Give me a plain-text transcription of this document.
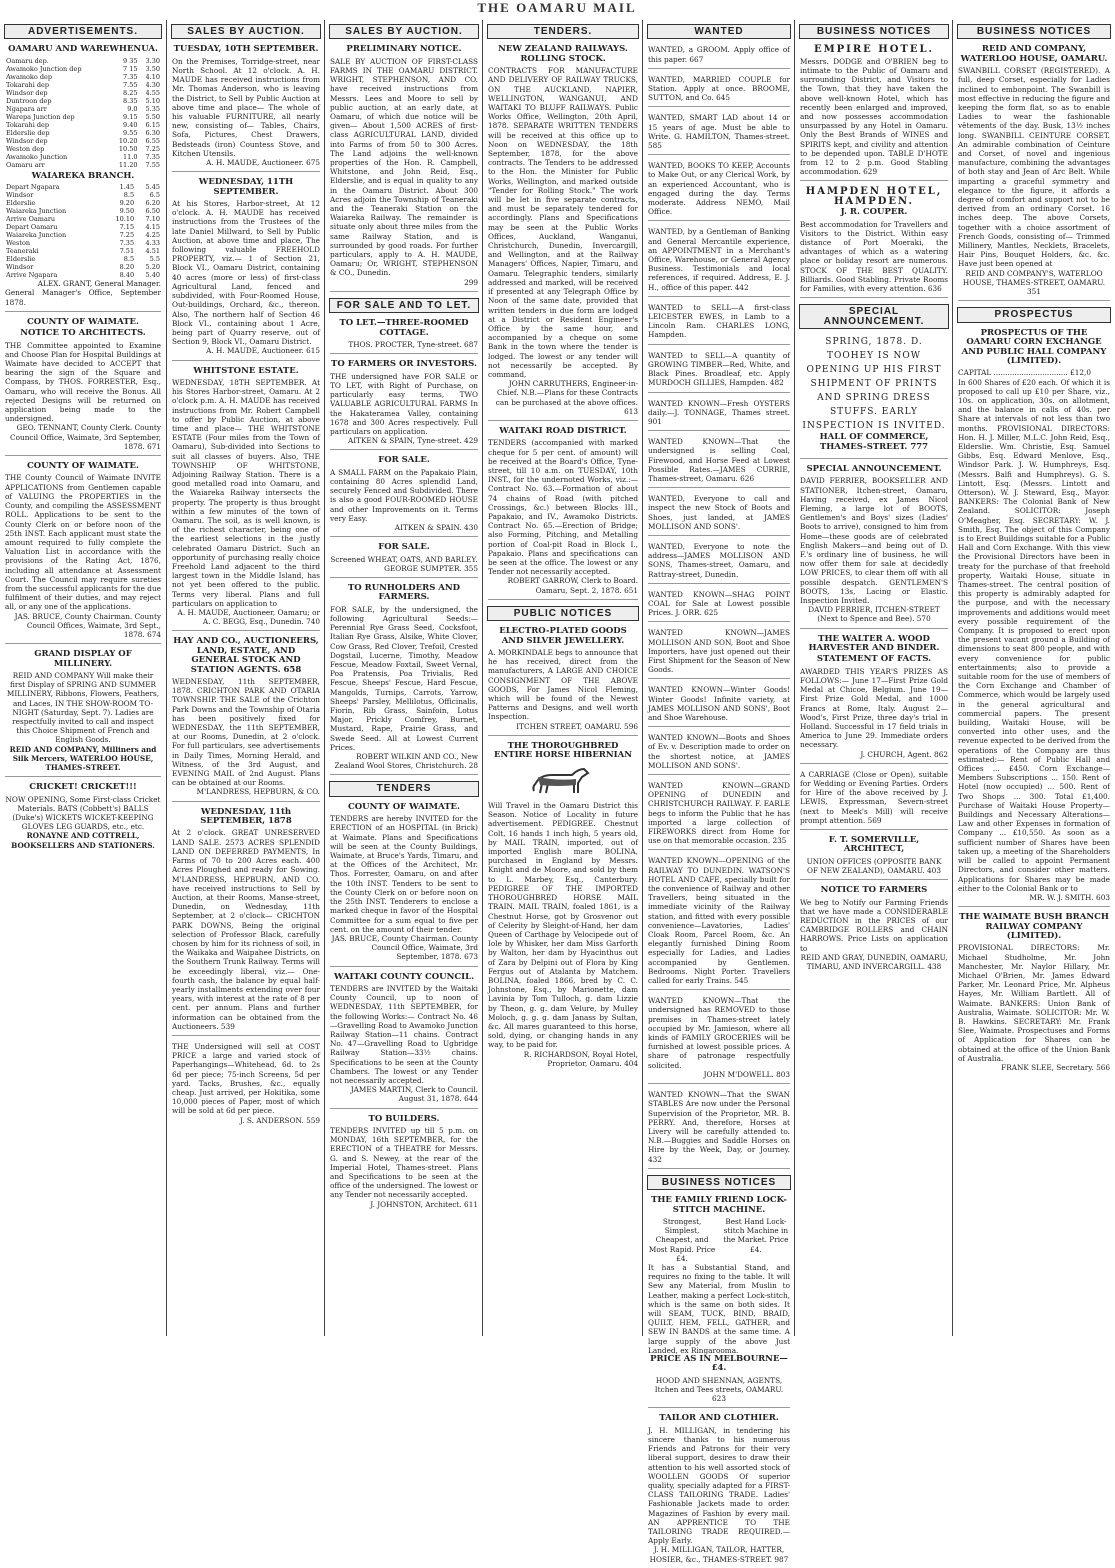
THE OAMARU MAIL
ADVERTISEMENTS.
OAMARU AND WAREWHENUA.
Oamaru dep.	9 35	3.30
Awamoko Junction dep	7 15	3.50
Awamoko dep	7.35	4.10
Tokarahi dep	7.55	4.30
Windsor dep	8.25	4.55
Duntroon dep	8.35	5.10
Ngapara arr	9.0	5.35
Warepa Junction dep	9.15	5.50
Tokarahi dep	9.40	6.15
Elderslie dep	9.55	6.30
Windsor dep	10.20	6.55
Weston dep	10.50	7.25
Awamoko Junction	11.0	7.35
Oamaru arr	11.20	7.55
WAIAREKA BRANCH.
Depart Ngapara	1.45	5.45
Windsor	8.5	6.5
Elderslie	9.20	6.20
Waiareka Junction	9.50	6.50
Arrive Oamaru	10.10	7.10
Depart Oamaru	7.15	4.15
Waiareka Junction	7.25	4.25
Weston	7.35	4.33
Teaneraki	7.51	4.51
Elderslie	8.5	5.5
Windsor	8.20	5.20
Arrive Ngapara	8.40	5.40
ALEX. GRANT, General Manager.
General Manager's Office, September 1878.
COUNTY OF WAIMATE.
NOTICE TO ARCHITECTS.
THE Committee appointed to Examine and Choose Plan for Hospital Buildings at Waimate have decided to ACCEPT that bearing the sign of the Square and Compass, by THOS. FORRESTER, Esq., Oamaru, who will receive the Bonus. All rejected Designs will be returned on application being made to the undersigned.
GEO. TENNANT, County Clerk. County Council Office, Waimate, 3rd September, 1878. 671
COUNTY OF WAIMATE.
THE County Council of Waimate INVITE APPLICATIONS from Gentlemen capable of VALUING the PROPERTIES in the County, and compiling the ASSESSMENT ROLL. Applications to be sent to the County Clerk on or before noon of the 25th INST. Each applicant must state the amount required to fully complete the Valuation List in accordance with the provisions of the Rating Act, 1876, including all attendance at Assessment Court. The Council may require sureties from the successful applicants for the due fulfilment of their duties, and may reject all, or any one of the applications.
JAS. BRUCE, County Chairman. County Council Offices, Waimate, 3rd Sept., 1878. 674
GRAND DISPLAY OF MILLINERY.
REID AND COMPANY Will make their first Display of SPRING AND SUMMER MILLINERY, Ribbons, Flowers, Feathers, and Laces, IN THE SHOW-ROOM TO-NIGHT (Saturday, Sept. 7). Ladies are respectfully invited to call and inspect this Choice Shipment of French and English Goods.
REID AND COMPANY, Milliners and Silk Mercers, WATERLOO HOUSE, THAMES-STREET.
CRICKET! CRICKET!!!
NOW OPENING, Some First-class Cricket Materials. BATS (Cobbett's) BALLS (Duke's) WICKETS WICKET-KEEPING GLOVES LEG GUARDS, etc., etc.
RONAYNE AND COTTRELL, BOOKSELLERS AND STATIONERS.
SALES BY AUCTION.
TUESDAY, 10TH SEPTEMBER.
On the Premises, Torridge-street, near North School. At 12 o'clock. A. H. MAUDE has received instructions from Mr. Thomas Anderson, who is leaving the District, to Sell by Public Auction at above time and place— The whole of his valuable FURNITURE, all nearly new, consisting of— Tables, Chairs, Sofa, Pictures, Chest Drawers, Bedsteads (iron) Countess Stove, and Kitchen Utensils.
A. H. MAUDE, Auctioneer. 675
WEDNESDAY, 11TH SEPTEMBER.
At his Stores, Harbor-street, At 12 o'clock. A. H. MAUDE has received instructions from the Trustees of the late Daniel Millward, to Sell by Public Auction, at above time and place, The following valuable FREEHOLD PROPERTY, viz.— 1 of Section 21, Block VI., Oamaru District, containing 40 acres (more or less) of first-class Agricultural Land, fenced and subdivided, with Four-Roomed House, Out-buildings, Orchard, &c., thereon. Also, The northern half of Section 46 Block VI., containing about 1 Acre, being part of Quarry reserve, out of Section 9, Block VI., Oamaru District.
A. H. MAUDE, Auctioneer. 615
WHITSTONE ESTATE.
WEDNESDAY, 18TH SEPTEMBER. At his Stores Harbor-street, Oamaru. At 2 o'clock p.m. A. H. MAUDE has received instructions from Mr. Robert Campbell to offer by Public Auction, at above time and place— THE WHITSTONE ESTATE (Four miles from the Town of Oamaru), Sub-divided into Sections to suit all classes of buyers. Also, THE TOWNSHIP OF WHITSTONE, Adjoining Railway Station. There is a good metalled road into Oamaru, and the Waiareka Railway intersects the property. The property is thus brought within a few minutes of the town of Oamaru. The soil, as is well known, is of the richest character, being one of the earliest selections in the justly celebrated Oamaru District. Such an opportunity of purchasing really choice Freehold Land adjacent to the third largest town in the Middle Island, has not yet been offered to the public. Terms very liberal. Plans and full particulars on application to
A. H. MAUDE, Auctioneer, Oamaru; or A. C. BEGG, Esq., Dunedin. 740
HAY AND CO., AUCTIONEERS, LAND, ESTATE, AND GENERAL STOCK AND STATION AGENTS. 658
WEDNESDAY, 11th SEPTEMBER, 1878. CRICHTON PARK AND OTARIA TOWNSHIP. THE SALE of the Crichton Park Downs and the Township of Otaria has been positively fixed for WEDNESDAY, the 11th SEPTEMBER, at our Rooms, Dunedin, at 2 o'clock. For full particulars, see advertisements in Daily Times, Morning Herald, and Witness, of the 3rd August, and EVENING MAIL of 2nd August. Plans can be obtained at our Rooms.
M'LANDRESS, HEPBURN, & CO.
WEDNESDAY, 11th SEPTEMBER, 1878
At 2 o'clock. GREAT UNRESERVED LAND SALE. 2573 ACRES SPLENDID LAND ON DEFERRED PAYMENTS, In Farms of 70 to 200 Acres each. 400 Acres Ploughed and ready for Sowing. M'LANDRESS, HEPBURN, AND CO. have received instructions to Sell by Auction, at their Rooms, Manse-street, Dunedin, on Wednesday, 11th September, at 2 o'clock— CRICHTON PARK DOWNS, Being the original selection of Professor Black, carefully chosen by him for its richness of soil, in the Waikaka and Waipahee Districts, on the Southern Trunk Railway. Terms will be exceedingly liberal, viz.— One-fourth cash, the balance by equal half-yearly installments extending over four years, with interest at the rate of 8 per cent. per annum. Plans and further information can be obtained from the Auctioneers. 539
THE Undersigned will sell at COST PRICE a large and varied stock of Paperhangings—Whitehead, 6d. to 2s 6d per piece; 75-inch Screens, 5d per yard. Tacks, Brushes, &c., equally cheap. Just arrived, per Hokitika, some 10,000 pieces of Paper, most of which will be sold at 6d per piece.
J. S. ANDERSON. 559
SALES BY AUCTION.
PRELIMINARY NOTICE.
SALE BY AUCTION OF FIRST-CLASS FARMS IN THE OAMARU DISTRICT. WRIGHT, STEPHENSON, AND CO. have received instructions from Messrs. Lees and Moore to sell by public auction, at an early date, at Oamaru, of which due notice will be given— About 1,500 ACRES of first-class AGRICULTURAL LAND, divided into Farms of from 50 to 300 Acres. The Land adjoins the well-known properties of the Hon. R. Campbell, Whitstone, and John Reid, Esq., Elderslie, and is equal in quality to any in the Oamaru District. About 300 Acres adjoin the Township of Teaneraki and the Teaneraki Station on the Waiareka Railway. The remainder is situate only about three miles from the same Railway Station, and is surrounded by good roads. For further particulars, apply to A. H. MAUDE, Oamaru; Or, WRIGHT, STEPHENSON & CO., Dunedin.
299
FOR SALE AND TO LET.
TO LET.—THREE-ROOMED COTTAGE.
THOS. PROCTER, Tyne-street. 687
TO FARMERS OR INVESTORS.
THE undersigned have FOR SALE or TO LET, with Right of Purchase, on particularly easy terms, TWO VALUABLE AGRICULTURAL FARMS In the Hakateramea Valley, containing 1678 and 300 Acres respectively. Full particulars on application.
AITKEN & SPAIN, Tyne-street. 429
FOR SALE.
A SMALL FARM on the Papakaio Plain, containing 80 Acres splendid Land, securely Fenced and Subdivided. There is also a good FOUR-ROOMED HOUSE and other Improvements on it. Terms very Easy.
AITKEN & SPAIN. 430
FOR SALE.
Screened WHEAT, OATS, AND BARLEY.
GEORGE SUMPTER. 355
TO RUNHOLDERS AND FARMERS.
FOR SALE, by the undersigned, the following Agricultural Seeds:— Perennial Rye Grass Seed, Cocksfoot, Italian Rye Grass, Alsike, White Clover, Cow Grass, Red Clover, Trefoil, Crested Dogstail, Lucerne, Timothy, Meadow Fescue, Meadow Foxtail, Sweet Vernal, Poa Pratensis, Poa Trivialis, Red Fescue, Sheeps' Fescue, Hard Fescue, Mangolds, Turnips, Carrots, Yarrow, Sheeps' Parsley, Mellilotus, Officinalis, Fiorin, Rib Grass, Sainfoin, Lotus Major, Prickly Comfrey, Burnet, Mustard, Rape, Prairie Grass, and Swede Seed. All at Lowest Current Prices.
ROBERT WILKIN AND CO., New Zealand Wool Stores, Christchurch. 28
TENDERS
COUNTY OF WAIMATE.
TENDERS are hereby INVITED for the ERECTION of an HOSPITAL (in Brick) at Waimate. Plans and Specifications will be seen at the County Buildings, Waimate, at Bruce's Yards, Timaru, and at the Offices of the Architect, Mr. Thos. Forrester, Oamaru, on and after the 10th INST. Tenders to be sent to the County Clerk on or before noon on the 25th INST. Tenderers to enclose a marked cheque in favor of the Hospital Committee for a sum equal to five per cent. on the amount of their tender.
JAS. BRUCE, County Chairman. County Council Office, Waimate, 3rd September, 1878. 673
WAITAKI COUNTY COUNCIL.
TENDERS are INVITED by the Waitaki County Council, up to noon of WEDNESDAY, 11th SEPTEMBER, for the following Works:— Contract No. 46—Gravelling Road to Awamoko Junction Railway Station—11 chains. Contract No. 47—Gravelling Road to Ugbridge Railway Station—33½ chains. Specifications to be seen at the County Chambers. The lowest or any Tender not necessarily accepted.
JAMES MARTIN, Clerk to Council. August 31, 1878. 644
TO BUILDERS.
TENDERS INVITED up till 5 p.m. on MONDAY, 16th SEPTEMBER, for the ERECTION of a THEATRE for Messrs. G. and S. Newey, at the rear of the Imperial Hotel, Thames-street. Plans and Specifications to be seen at the office of the undersigned. The lowest or any Tender not necessarily accepted.
J. JOHNSTON, Architect. 611
TENDERS.
NEW ZEALAND RAILWAYS. ROLLING STOCK.
CONTRACTS FOR MANUFACTURE AND DELIVERY OF RAILWAY TRUCKS, ON THE AUCKLAND, NAPIER, WELLINGTON, WANGANUI, AND WAITAKI TO BLUFF RAILWAYS. Public Works Office, Wellington, 20th April, 1878. SEPARATE WRITTEN TENDERS will be received at this office up to Noon on WEDNESDAY, the 18th September, 1878, for the above contracts. The Tenders to be addressed to the Hon. the Minister for Public Works, Wellington, and marked outside "Tender for Rolling Stock." The work will be let in five separate contracts, and must be separately tendered for accordingly. Plans and Specifications may be seen at the Public Works Offices, Auckland, Wanganui, Christchurch, Dunedin, Invercargill, and Wellington, and at the Railway Managers' Offices, Napier, Timaru, and Oamaru. Telegraphic tenders, similarly addressed and marked, will be received if presented at any Telegraph Office by Noon of the same date, provided that written tenders in due form are lodged at a District or Resident Engineer's Office by the same hour, and accompanied by a cheque on some Bank in the town where the tender is lodged. The lowest or any tender will not necessarily be accepted. By command,
JOHN CARRUTHERS, Engineer-in-Chief. N.B.—Plans for these Contracts can be purchased at the above offices. 613
WAITAKI ROAD DISTRICT.
TENDERS (accompanied with marked cheque for 5 per cent. of amount) will be received at the Board's Office, Tyne-street, till 10 a.m. on TUESDAY, 10th INST., for the undernoted Works, viz.:— Contract No. 63.—Formation of about 74 chains of Road (with pitched Crossings, &c.) between Blocks III., Papakaio, and IV., Awamoko Districts. Contract No. 65.—Erection of Bridge; also Forming, Pitching, and Metalling portion of Coal-pit Road in Block I., Papakaio. Plans and specifications can be seen at the office. The lowest or any Tender not necessarily accepted.
ROBERT GARROW, Clerk to Board. Oamaru, Sept. 2, 1878. 651
PUBLIC NOTICES
ELECTRO-PLATED GOODS AND SILVER JEWELLERY.
A. MORKINDALE begs to announce that he has received, direct from the manufacturers, A LARGE AND CHOICE CONSIGNMENT OF THE ABOVE GOODS, For James Nicol Fleming, which will be found of the Newest Patterns and Designs, and well worth Inspection.
ITCHEN STREET, OAMARU. 596
THE THOROUGHBRED ENTIRE HORSE HIBERNIAN
Will Travel in the Oamaru District this Season. Notice of Locality in future advertisement. PEDIGREE. Chestnut Colt, 16 hands 1 inch high, 5 years old, by MAIL TRAIN, imported, out of imported English mare BOLINA, purchased in England by Messrs. Knight and de Moore, and sold by them to L. Marbey, Esq., Canterbury. PEDIGREE OF THE IMPORTED THOROUGHBRED HORSE MAIL TRAIN. MAIL TRAIN, foaled 1861, is a Chestnut Horse, got by Grosvenor out of Celerity by Sleight-of-Hand, her dam Queen of Carthage by Velocipede out of Iole by Whisker, her dam Miss Garforth by Walton, her dam by Hyacinthus out of Zara by Delpini out of Flora by King Fergus out of Atalanta by Matchem. BOLINA, foaled 1866, bred by C. C. Johnstone, Esq., by Marionette, dam Lavinia by Tom Tulloch, g. dam Lizzie by Theon, g. g. dam Velure, by Mulley Moloch, g. g. g. dam Janass by Sultan, &c. All mares guaranteed to this horse, sold, dying, or changing hands in any way, to be paid for.
R. RICHARDSON, Royal Hotel, Proprietor, Oamaru. 404
WANTED
WANTED, a GROOM. Apply office of this paper. 667
WANTED, MARRIED COUPLE for Station. Apply at once. BROOME, SUTTON, and Co. 645
WANTED, SMART LAD about 14 or 15 years of age. Must be able to Write. G. HAMILTON, Thames-street. 585
WANTED, BOOKS TO KEEP, Accounts to Make Out, or any Clerical Work, by an experienced Accountant, who is engaged during the day. Terms moderate. Address NEMO, Mail Office.
WANTED, by a Gentleman of Banking and General Mercantile experience, an APPOINTMENT in a Merchant's Office, Warehouse, or General Agency Business. Testimonials and local references, if required. Address, E. J. H., office of this paper. 442
WANTED to SELL—A first-class LEICESTER EWES, in Lamb to a Lincoln Ram. CHARLES LONG, Hampden.
WANTED to SELL—A quantity of GROWING TIMBER—Red, White, and Black Pines. Broadleaf, etc. Apply MURDOCH GILLIES, Hampden. 482
WANTED KNOWN—Fresh OYSTERS daily.—J. TONNAGE, Thames street. 901
WANTED KNOWN—That the undersigned is selling Coal, Firewood, and Horse Feed at Lowest Possible Rates.—JAMES CURRIE, Thames-street, Oamaru. 626
WANTED, Everyone to call and inspect the new Stock of Boots and Shoes, just landed, at JAMES MOLLISON AND SONS'.
WANTED, Everyone to note the address—JAMES MOLLISON AND SONS, Thames-street, Oamaru, and Rattray-street, Dunedin.
WANTED KNOWN—SHAG POINT COAL for Sale at Lowest possible Prices. J. ORR. 625
WANTED KNOWN—JAMES MOLLISON AND SON, Boot and Shoe Importers, have just opened out their First Shipment for the Season of New Goods.
WANTED KNOWN—Winter Goods! Winter Goods! Infinite variety, at JAMES MOLLISON AND SONS', Boot and Shoe Warehouse.
WANTED KNOWN—Boots and Shoes of Ev. v. Description made to order on the shortest notice, at JAMES MOLLISON AND SONS'.
WANTED KNOWN—GRAND OPENING of DUNEDIN and CHRISTCHURCH RAILWAY. F. EARLE begs to inform the Public that he has imported a large collection of FIREWORKS direct from Home for use on that memorable occasion. 235
WANTED KNOWN—OPENING of the RAILWAY TO DUNEDIN. WATSON'S HOTEL AND CAFE, specially built for the convenience of Railway and other Travellers, being situated in the immediate vicinity of the Railway station, and fitted with every possible convenience—Lavatories, Ladies' Cloak Room, Parcel Room, &c. An elegantly furnished Dining Room especially for Ladies, and Ladies accompanied by Gentlemen. Bedrooms. Night Porter. Travellers called for early Trains. 545
WANTED KNOWN—That the undersigned has REMOVED to those premises in Thames-street lately occupied by Mr. Jamieson, where all kinds of FAMILY GROCERIES will be furnished at lowest possible prices. A share of patronage respectfully solicited.
JOHN M'DOWELL. 803
WANTED KNOWN—That the SWAN STABLES Are now under the Personal Supervision of the Proprietor, MR. B. PERRY. And, therefore, Horses at Livery will be carefully attended to. N.B.—Buggies and Saddle Horses on Hire by the Week, Day, or Journey. 432
BUSINESS NOTICES
THE FAMILY FRIEND LOCK-STITCH MACHINE.
Strongest, Simplest, Cheapest, and Most Rapid. Price £4.
Best Hand Lock-stitch Machine in the Market. Price £4.
It has a Substantial Stand, and requires no fixing to the table. It will Sew any Material, from Muslin to Leather, making a perfect Lock-stitch, which is the same on both sides. It will SEAM, TUCK, BIND, BRAID, QUILT, HEM, FELL, GATHER, and SEW IN BANDS at the same time. A large supply of the above Just Landed, ex Ringarooma.
PRICE AS IN MELBOURNE—£4.
HOOD AND SHENNAN, AGENTS, Itchen and Tees streets, OAMARU. 623
TAILOR AND CLOTHIER.
J. H. MILLIGAN, in tendering his sincere thanks to his numerous Friends and Patrons for their very liberal support, desires to draw their attention to his well assorted stock of WOOLLEN GOODS Of superior quality, specially adapted for a FIRST-CLASS TAILORING TRADE. Ladies' Fashionable Jackets made to order. Magazines of Fashion by every mail. AN APPRENTICE TO THE TAILORING TRADE REQUIRED.—Apply Early.
J. H. MILLIGAN, TAILOR, HATTER, HOSIER, &c., THAMES-STREET. 987
BUSINESS NOTICES
EMPIRE HOTEL.
Messrs. DODGE and O'BRIEN beg to intimate to the Public of Oamaru and surrounding District, and Visitors to the Town, that they have taken the above well-known Hotel, which has recently been enlarged and improved, and now possesses accommodation unsurpassed by any Hotel in Oamaru. Only the Best Brands of WINES and SPIRITS kept, and civility and attention to be depended upon. TABLE D'HOTE from 12 to 2 p.m. Good Stabling accommodation. 629
HAMPDEN HOTEL, HAMPDEN.
J. R. COUPER.
Best accommodation for Travellers and Visitors to the District. Within easy distance of Port Moeraki, the advantages of which as a watering place or holiday resort are numerous. STOCK OF THE BEST QUALITY. Billiards. Good Stabling. Private Rooms for Families, with every attention. 636
SPECIAL ANNOUNCEMENT.
SPRING, 1878. D. TOOHEY IS NOW OPENING UP HIS FIRST SHIPMENT OF PRINTS AND SPRING DRESS STUFFS. EARLY INSPECTION IS INVITED.
HALL OF COMMERCE, THAMES-STREET. 777
SPECIAL ANNOUNCEMENT.
DAVID FERRIER, BOOKSELLER AND STATIONER, Itchen-street, Oamaru, Having received, ex James Nicol Fleming, a large lot of BOOTS, Gentlemen's and Boys' sizes (Ladies' Boots to arrive), consigned to him from Home—these goods are of celebrated English Makers—and being out of D. F.'s ordinary line of business, he will now offer them for sale at decidedly LOW PRICES, to clear them off with all possible despatch. GENTLEMEN'S BOOTS, 13s, Lacing or Elastic. Inspection Invited.
DAVID FERRIER, ITCHEN-STREET (Next to Spence and Bee). 570
THE WALTER A. WOOD HARVESTER AND BINDER.
STATEMENT OF FACTS.
AWARDED THIS YEAR'S PRIZES AS FOLLOWS:— June 17—First Prize Gold Medal at Chicoe, Belgium. June 19—First Prize Gold Medal, and 1000 Francs at Rome, Italy. August 2—Wood's, First Prize, three day's trial in Holland. Successful in 17 field trials in America to June 29. Immediate orders necessary.
J. CHURCH, Agent. 862
A CARRIAGE (Close or Open), suitable for Wedding or Evening Parties. Orders for Hire of the above received by J. LEWIS, Expressman, Severn-street (next to Meek's Mill) will receive prompt attention. 569
F. T. SOMERVILLE, ARCHITECT,
UNION OFFICES (OPPOSITE BANK OF NEW ZEALAND), OAMARU. 403
NOTICE TO FARMERS
We beg to Notify our Farming Friends that we have made a CONSIDERABLE REDUCTION in the PRICES of our CAMBRIDGE ROLLERS and CHAIN HARROWS. Price Lists on application to
REID AND GRAY, DUNEDIN, OAMARU, TIMARU, AND INVERCARGILL. 438
BUSINESS NOTICES
REID AND COMPANY, WATERLOO HOUSE, OAMARU.
SWANBILL CORSET (REGISTERED). A full, deep Corset, especially for Ladies inclined to embonpoint. The Swanbill is most effective in reducing the figure and keeping the form flat, so as to enable Ladies to wear the fashionable vêtements of the day. Busk, 13½ inches long. SWANBILL CEINTURE CORSET. An admirable combination of Ceinture and Corset, of novel and ingenious manufacture, combining the advantages of both stay and Jean of Arc Belt. While imparting a graceful symmetry and elegance to the figure, it affords a degree of comfort and support not to be derived from an ordinary Corset. 16 inches deep. The above Corsets, together with a choice assortment of French Goods, consisting of— Trimmed Millinery, Mantles, Necklets, Bracelets, Hair Pins, Bouquet Holders, &c. &c. Have just been opened at
REID AND COMPANY'S, WATERLOO HOUSE, THAMES-STREET, OAMARU. 351
PROSPECTUS
PROSPECTUS OF THE OAMARU CORN EXCHANGE AND PUBLIC HALL COMPANY (LIMITED).
CAPITAL ................................ £12,0
In 600 Shares of £20 each. Of which it is proposed to call up £10 per Share, viz., 10s. on application, 30s. on allotment, and the balance in calls of 40s. per Share at intervals of not less than two months. PROVISIONAL DIRECTORS: Hon. H. J. Miller, M.L.C. John Reid, Esq., Elderslie. Wm. Christie, Esq. Samuel Gibbs, Esq. Edward Menlove, Esq., Windsor Park. J. W. Humphreys, Esq. (Messrs. Balfi and Humphreys). G. S. Lintott, Esq. (Messrs. Lintott and Otterson). W. J. Steward, Esq., Mayor. BANKERS: The Colonial Bank of New Zealand. SOLICITOR: Joseph O'Meagher, Esq. SECRETARY: W. J. Smith, Esq. The object of this Company is to Erect Buildings suitable for a Public Hall and Corn Exchange. With this view the Provisional Directors have been in treaty for the purchase of that freehold property, Waitaki House, situate in Thames-street. The central position of this property is admirably adapted for the purpose, and with the necessary improvements and additions would meet every possible requirement of the Company. It is proposed to erect upon the present vacant ground a Building of dimensions to seat 800 people, and with every convenience for public entertainments; also to provide a suitable room for the use of members of the Corn Exchange and Chamber of Commerce, which would be largely used in the general agricultural and commercial papers. The present building, Waitaki House, will be converted into other uses, and the revenue expected to be derived from the operations of the Company are thus estimated:— Rent of Public Hall and Offices ... £450. Corn Exchange—Members Subscriptions ... 150. Rent of Hotel (now occupied) ... 500. Rent of Two Shops ... 300. Total £1,400. Purchase of Waitaki House Property—Buildings and Necessary Alterations—Law and other Expenses in formation of Company ... £10,550. As soon as a sufficient number of Shares have been taken up, a meeting of the Shareholders will be called to appoint Permanent Directors, and consider other matters. Applications for Shares may be made either to the Colonial Bank or to
MR. W. J. SMITH. 603
THE WAIMATE BUSH BRANCH RAILWAY COMPANY (LIMITED).
PROVISIONAL DIRECTORS: Mr. Michael Studholme, Mr. John Manchester, Mr. Naylor Hillary, Mr. Michael O'Brien, Mr. James Edward Parker, Mr. Leonard Price, Mr. Alpheus Hayes, Mr. William Bartlett. All of Waimate. BANKERS: Union Bank of Australia, Waimate. SOLICITOR: Mr. W. B. Hawkins. SECRETARY: Mr. Frank Slee, Waimate. Prospectuses and Forms of Application for Shares can be obtained at the office of the Union Bank of Australia.
FRANK SLEE, Secretary. 566
